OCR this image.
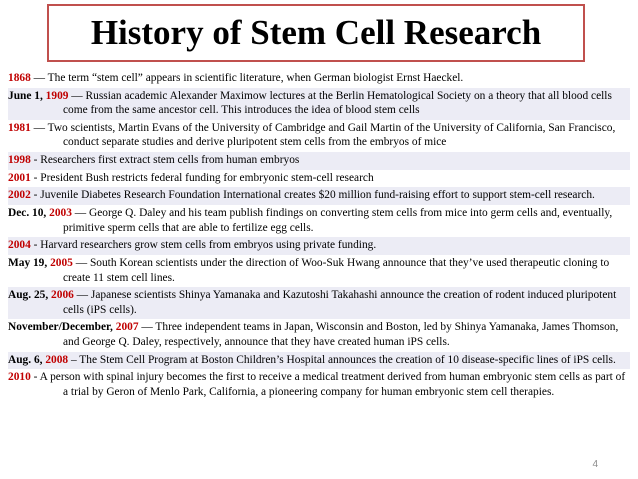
History of Stem Cell Research
1868 — The term “stem cell” appears in scientific literature, when German biologist Ernst Haeckel.
June 1, 1909 — Russian academic Alexander Maximow lectures at the Berlin Hematological Society on a theory that all blood cells come from the same ancestor cell. This introduces the idea of blood stem cells
1981 — Two scientists, Martin Evans of the University of Cambridge and Gail Martin of the University of California, San Francisco, conduct separate studies and derive pluripotent stem cells from the embryos of mice
1998 - Researchers first extract stem cells from human embryos
2001 - President Bush restricts federal funding for embryonic stem-cell research
2002 - Juvenile Diabetes Research Foundation International creates $20 million fund-raising effort to support stem-cell research.
Dec. 10, 2003 — George Q. Daley and his team publish findings on converting stem cells from mice into germ cells and, eventually, primitive sperm cells that are able to fertilize egg cells.
2004 - Harvard researchers grow stem cells from embryos using private funding.
May 19, 2005 — South Korean scientists under the direction of Woo-Suk Hwang announce that they’ve used therapeutic cloning to create 11 stem cell lines.
Aug. 25, 2006 — Japanese scientists Shinya Yamanaka and Kazutoshi Takahashi announce the creation of rodent induced pluripotent cells (iPS cells).
November/December, 2007 — Three independent teams in Japan, Wisconsin and Boston, led by Shinya Yamanaka, James Thomson, and George Q. Daley, respectively, announce that they have created human iPS cells.
Aug. 6, 2008 – The Stem Cell Program at Boston Children’s Hospital announces the creation of 10 disease-specific lines of iPS cells.
2010 - A person with spinal injury becomes the first to receive a medical treatment derived from human embryonic stem cells as part of a trial by Geron of Menlo Park, California, a pioneering company for human embryonic stem cell therapies.
4
